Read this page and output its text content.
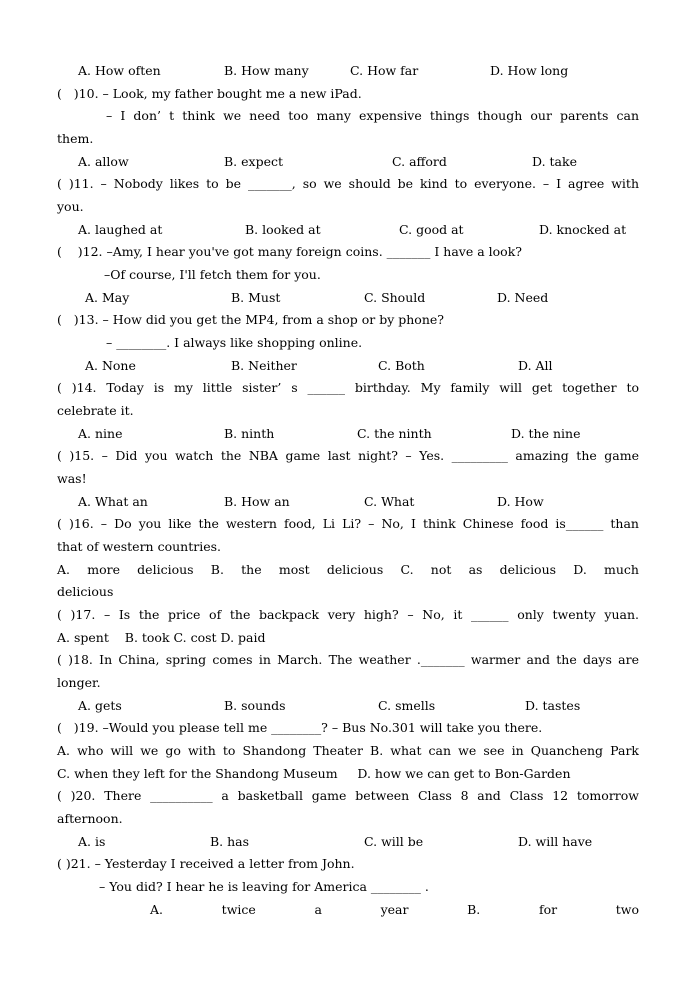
A. How often	B. How many	C. How far	D. How long
(   )10. – Look, my father bought me a new iPad.
– I don’ t think we need too many expensive things though our parents can
them.
A. allow	B. expect	C. afford	D. take
( )11. – Nobody likes to be _______, so we should be kind to everyone. – I agree with
you.
A. laughed at	B. looked at	C. good at	D. knocked at
(    )12. –Amy, I hear you've got many foreign coins. _______ I have a look?
–Of course, I'll fetch them for you.
A. May	B. Must	C. Should	D. Need
(   )13. – How did you get the MP4, from a shop or by phone?
– ________. I always like shopping online.
A. None	B. Neither	C. Both	D. All
( )14. Today is my little sister’ s ______ birthday. My family will get together to
celebrate it.
A. nine	B. ninth	C. the ninth	D. the nine
( )15. – Did you watch the NBA game last night? – Yes. _________ amazing the game
was!
A. What an	B. How an	C. What	D. How
( )16. – Do you like the western food, Li Li? – No, I think Chinese food is______ than
that of western countries.
A. more delicious B. the most delicious C. not as delicious D. much
delicious
( )17. – Is the price of the backpack very high? – No, it ______ only twenty yuan.
A. spent    B. took C. cost D. paid
( )18. In China, spring comes in March. The weather ._______ warmer and the days are
longer.
A. gets	B. sounds	C. smells	D. tastes
(   )19. –Would you please tell me ________? – Bus No.301 will take you there.
A. who will we go with to Shandong Theater B. what can we see in Quancheng Park
C. when they left for the Shandong Museum     D. how we can get to Bon-Garden
( )20. There __________ a basketball game between Class 8 and Class 12 tomorrow
afternoon.
A. is	B. has	C. will be	D. will have
( )21. – Yesterday I received a letter from John.
– You did? I hear he is leaving for America ________ .
A. twice a year B. for two
